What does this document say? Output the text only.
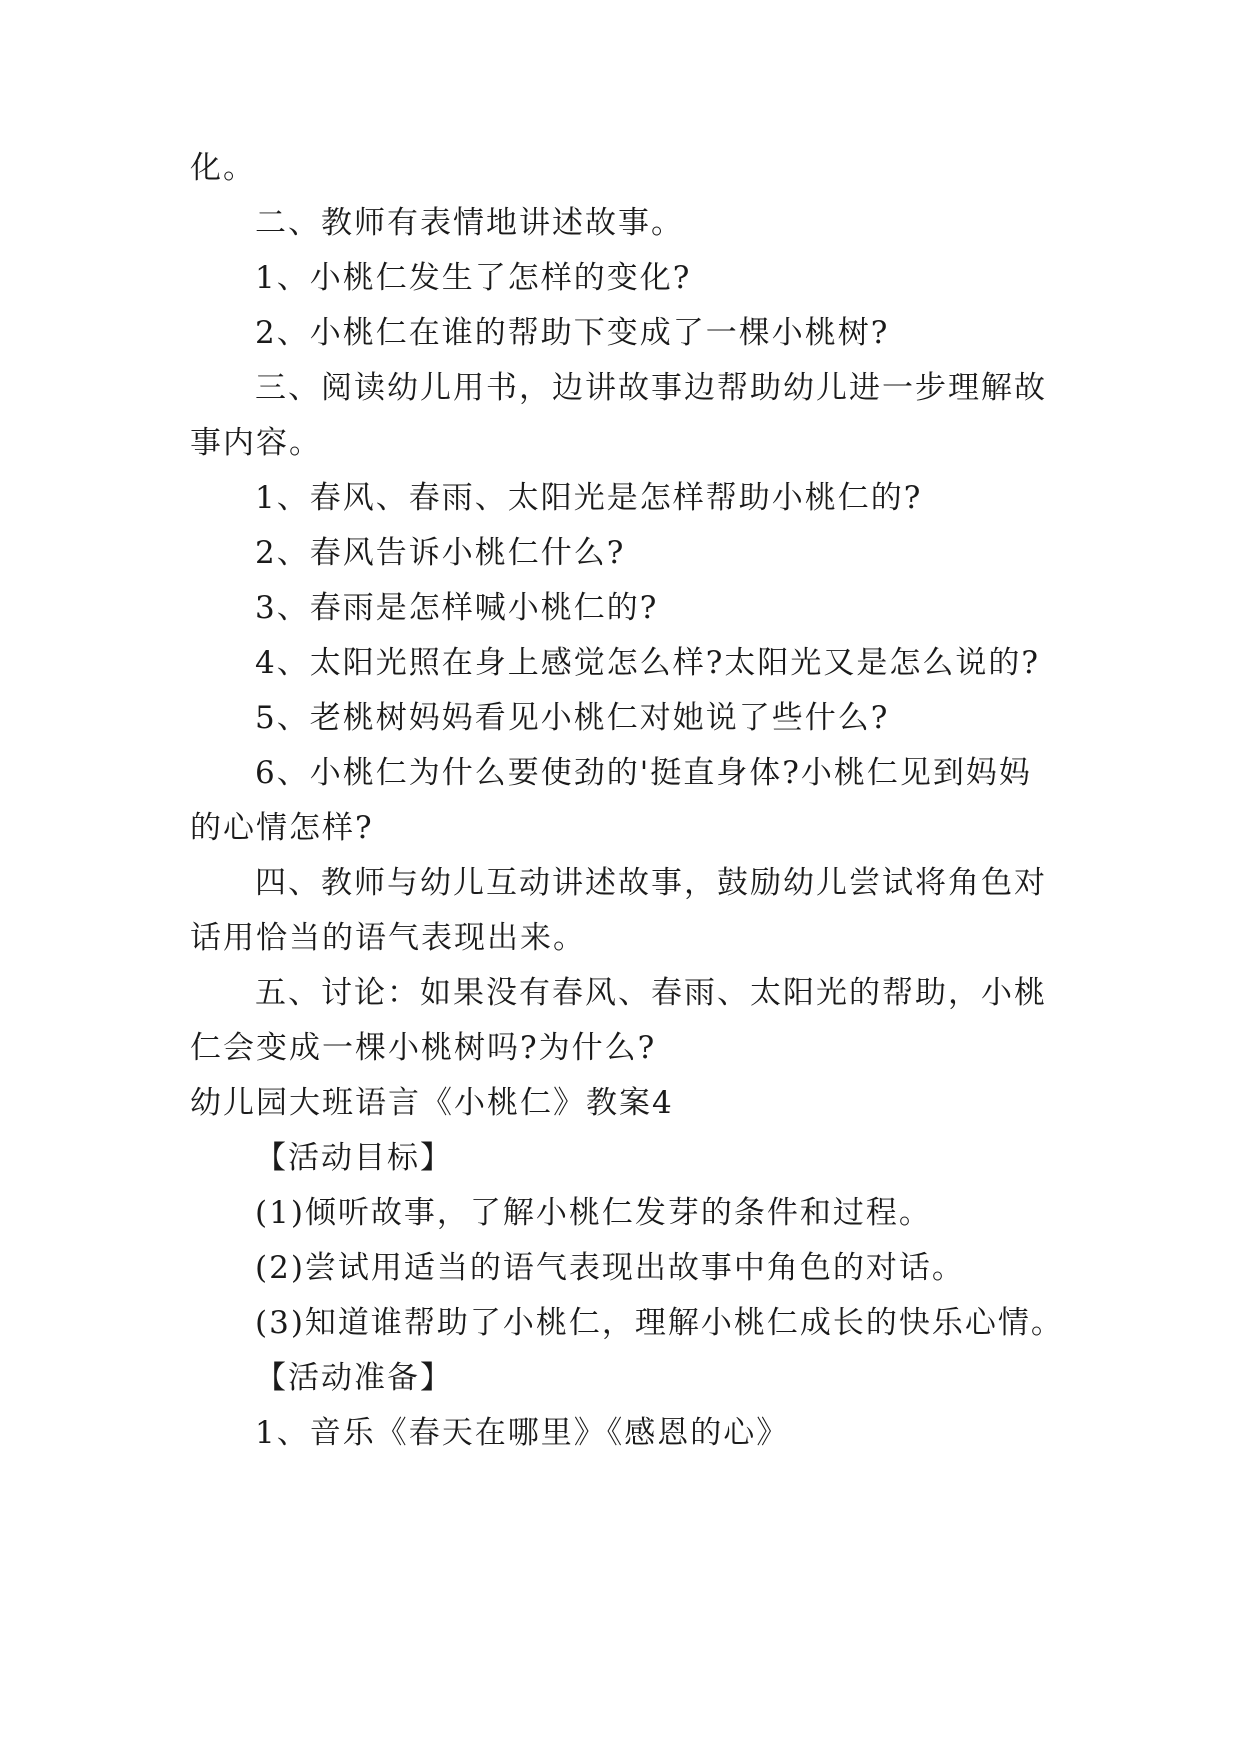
化。
二、教师有表情地讲述故事。
1、小桃仁发生了怎样的变化?
2、小桃仁在谁的帮助下变成了一棵小桃树?
三、阅读幼儿用书，边讲故事边帮助幼儿进一步理解故
事内容。
1、春风、春雨、太阳光是怎样帮助小桃仁的?
2、春风告诉小桃仁什么?
3、春雨是怎样喊小桃仁的?
4、太阳光照在身上感觉怎么样?太阳光又是怎么说的?
5、老桃树妈妈看见小桃仁对她说了些什么?
6、小桃仁为什么要使劲的'挺直身体?小桃仁见到妈妈
的心情怎样?
四、教师与幼儿互动讲述故事，鼓励幼儿尝试将角色对
话用恰当的语气表现出来。
五、讨论：如果没有春风、春雨、太阳光的帮助，小桃
仁会变成一棵小桃树吗?为什么?
幼儿园大班语言《小桃仁》教案4
【活动目标】
(1)倾听故事，了解小桃仁发芽的条件和过程。
(2)尝试用适当的语气表现出故事中角色的对话。
(3)知道谁帮助了小桃仁，理解小桃仁成长的快乐心情。
【活动准备】
1、音乐《春天在哪里》《感恩的心》
